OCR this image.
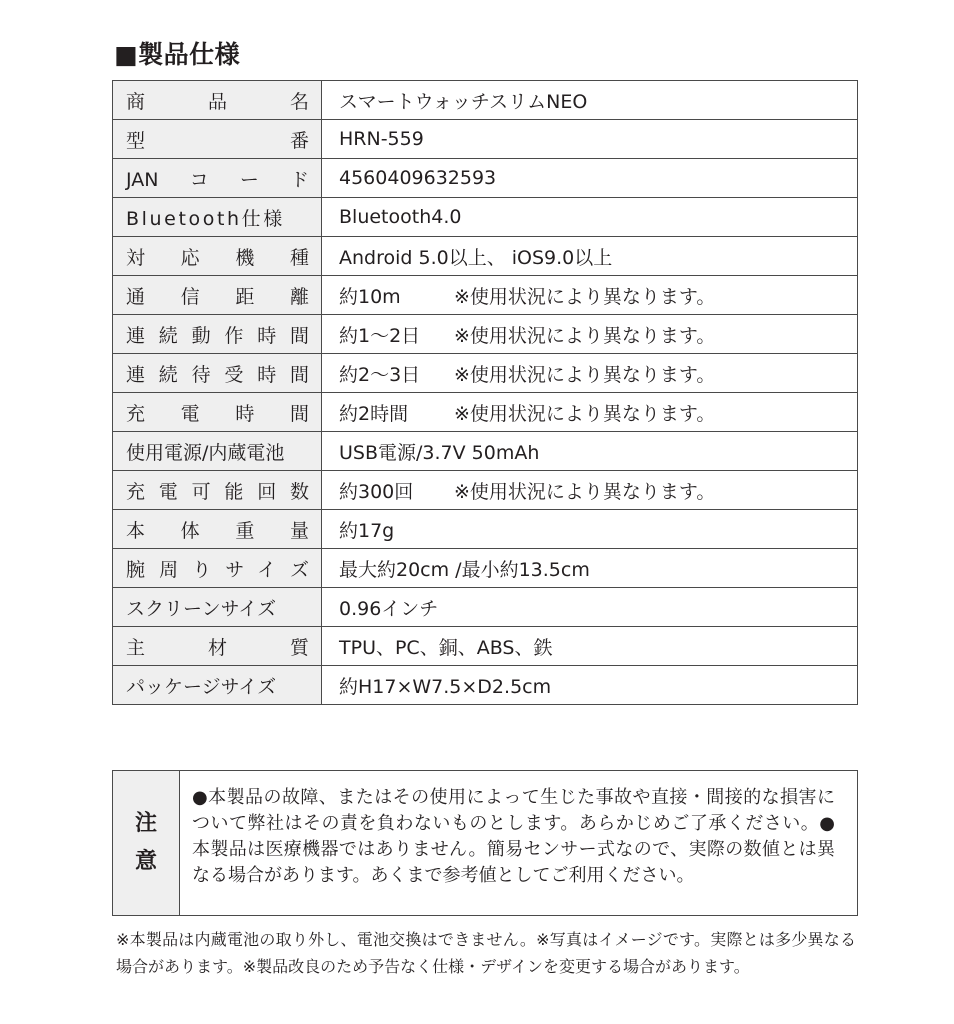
■製品仕様
商品名	スマートウォッチスリムNEO

型番	HRN-559

JANコード	4560409632593

Bluetooth仕様	Bluetooth4.0

対応機種	Android 5.0以上、 iOS9.0以上

通信距離	約10m ※使用状況により異なります。

連続動作時間	約1〜2日 ※使用状況により異なります。

連続待受時間	約2〜3日 ※使用状況により異なります。

充電時間	約2時間 ※使用状況により異なります。

使用電源/内蔵電池	USB電源/3.7V 50mAh

充電可能回数	約300回 ※使用状況により異なります。

本体重量	約17g

腕周りサイズ	最大約20cm /最小約13.5cm

スクリーンサイズ	0.96インチ

主材質	TPU、PC、銅、ABS、鉄

パッケージサイズ	約H17×W7.5×D2.5cm
注
意
●本製品の故障、またはその使用によって生じた事故や直接・間接的な損害について弊社はその責を負わないものとします。あらかじめご了承ください。●本製品は医療機器ではありません。簡易センサー式なので、実際の数値とは異なる場合があります。あくまで参考値としてご利用ください。
※本製品は内蔵電池の取り外し、電池交換はできません。※写真はイメージです。実際とは多少異なる場合があります。※製品改良のため予告なく仕様・デザインを変更する場合があります。
